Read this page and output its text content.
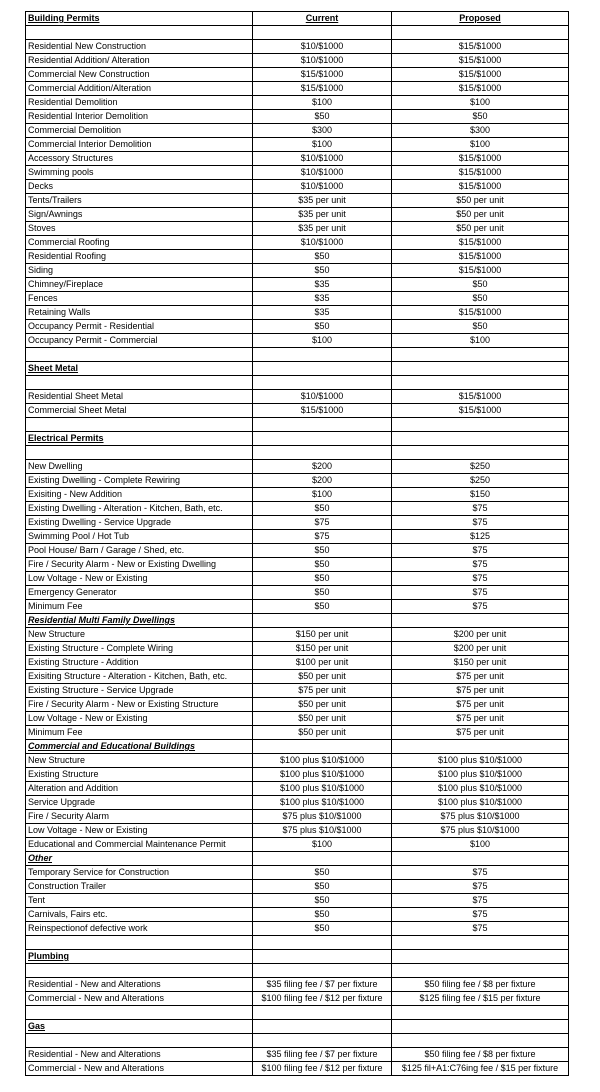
Building Permits	Current	Proposed

Residential New Construction	$10/$1000	$15/$1000
Residential Addition/ Alteration	$10/$1000	$15/$1000
Commercial New Construction	$15/$1000	$15/$1000
Commercial Addition/Alteration	$15/$1000	$15/$1000
Residential Demolition	$100	$100
Residential Interior Demolition	$50	$50
Commercial Demolition	$300	$300
Commercial Interior Demolition	$100	$100
Accessory Structures	$10/$1000	$15/$1000
Swimming pools	$10/$1000	$15/$1000
Decks	$10/$1000	$15/$1000
Tents/Trailers	$35 per unit	$50 per unit
Sign/Awnings	$35 per unit	$50 per unit
Stoves	$35 per unit	$50 per unit
Commercial Roofing	$10/$1000	$15/$1000
Residential Roofing	$50	$15/$1000
Siding	$50	$15/$1000
Chimney/Fireplace	$35	$50
Fences	$35	$50
Retaining Walls	$35	$15/$1000
Occupancy Permit - Residential	$50	$50
Occupancy Permit - Commercial	$100	$100

Sheet Metal		

Residential Sheet Metal	$10/$1000	$15/$1000
Commercial Sheet Metal	$15/$1000	$15/$1000

Electrical Permits		

New Dwelling	$200	$250
Existing Dwelling - Complete Rewiring	$200	$250
Exisiting - New Addition	$100	$150
Existing Dwelling - Alteration - Kitchen, Bath, etc.	$50	$75
Existing Dwelling - Service Upgrade	$75	$75
Swimming Pool / Hot Tub	$75	$125
Pool House/ Barn / Garage / Shed, etc.	$50	$75
Fire / Security Alarm - New or Existing Dwelling	$50	$75
Low Voltage - New or Existing	$50	$75
Emergency Generator	$50	$75
Minimum Fee	$50	$75
Residential Multi Family Dwellings		
New Structure	$150 per unit	$200 per unit
Existing Structure - Complete Wiring	$150 per unit	$200 per unit
Existing Structure - Addition	$100 per unit	$150 per unit
Exisiting Structure - Alteration - Kitchen, Bath, etc.	$50 per unit	$75 per unit
Existing Structure - Service Upgrade	$75 per unit	$75 per unit
Fire / Security Alarm - New or Existing Structure	$50 per unit	$75 per unit
Low Voltage - New or Existing	$50 per unit	$75 per unit
Minimum Fee	$50 per unit	$75 per unit
Commercial and Educational Buildings		
New Structure	$100 plus $10/$1000	$100 plus $10/$1000
Existing Structure	$100 plus $10/$1000	$100 plus $10/$1000
Alteration and Addition	$100 plus $10/$1000	$100 plus $10/$1000
Service Upgrade	$100 plus $10/$1000	$100 plus $10/$1000
Fire / Security Alarm	$75 plus $10/$1000	$75 plus $10/$1000
Low Voltage - New or Existing	$75 plus $10/$1000	$75 plus $10/$1000
Educational and Commercial Maintenance Permit	$100	$100
Other		
Temporary Service for Construction	$50	$75
Construction Trailer	$50	$75
Tent	$50	$75
Carnivals, Fairs etc.	$50	$75
Reinspectionof defective work	$50	$75

Plumbing		

Residential - New and Alterations	$35 filing fee / $7 per fixture	$50 filing fee / $8 per fixture
Commercial - New and Alterations	$100 filing fee / $12 per fixture	$125 filing fee / $15 per fixture

Gas		

Residential - New and Alterations	$35 filing fee / $7 per fixture	$50 filing fee / $8 per fixture
Commercial - New and Alterations	$100 filing fee / $12 per fixture	$125 fil+A1:C76ing fee / $15 per fixture
